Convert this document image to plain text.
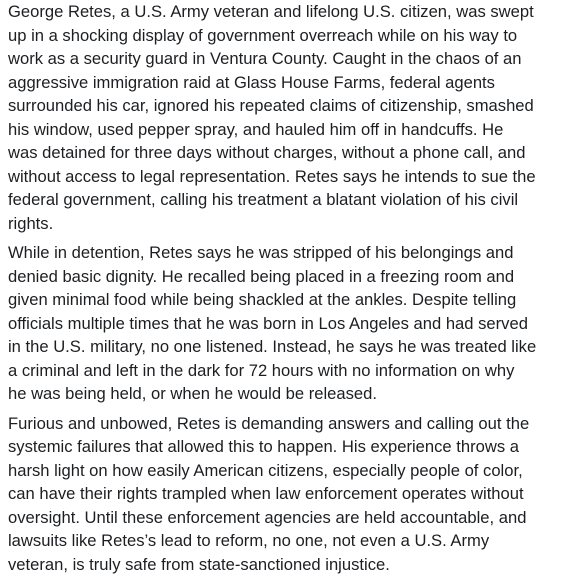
George Retes, a U.S. Army veteran and lifelong U.S. citizen, was swept
up in a shocking display of government overreach while on his way to
work as a security guard in Ventura County. Caught in the chaos of an
aggressive immigration raid at Glass House Farms, federal agents
surrounded his car, ignored his repeated claims of citizenship, smashed
his window, used pepper spray, and hauled him off in handcuffs. He
was detained for three days without charges, without a phone call, and
without access to legal representation. Retes says he intends to sue the
federal government, calling his treatment a blatant violation of his civil
rights.

While in detention, Retes says he was stripped of his belongings and
denied basic dignity. He recalled being placed in a freezing room and
given minimal food while being shackled at the ankles. Despite telling
officials multiple times that he was born in Los Angeles and had served
in the U.S. military, no one listened. Instead, he says he was treated like
a criminal and left in the dark for 72 hours with no information on why
he was being held, or when he would be released.

Furious and unbowed, Retes is demanding answers and calling out the
systemic failures that allowed this to happen. His experience throws a
harsh light on how easily American citizens, especially people of color,
can have their rights trampled when law enforcement operates without
oversight. Until these enforcement agencies are held accountable, and
lawsuits like Retes’s lead to reform, no one, not even a U.S. Army
veteran, is truly safe from state-sanctioned injustice.
